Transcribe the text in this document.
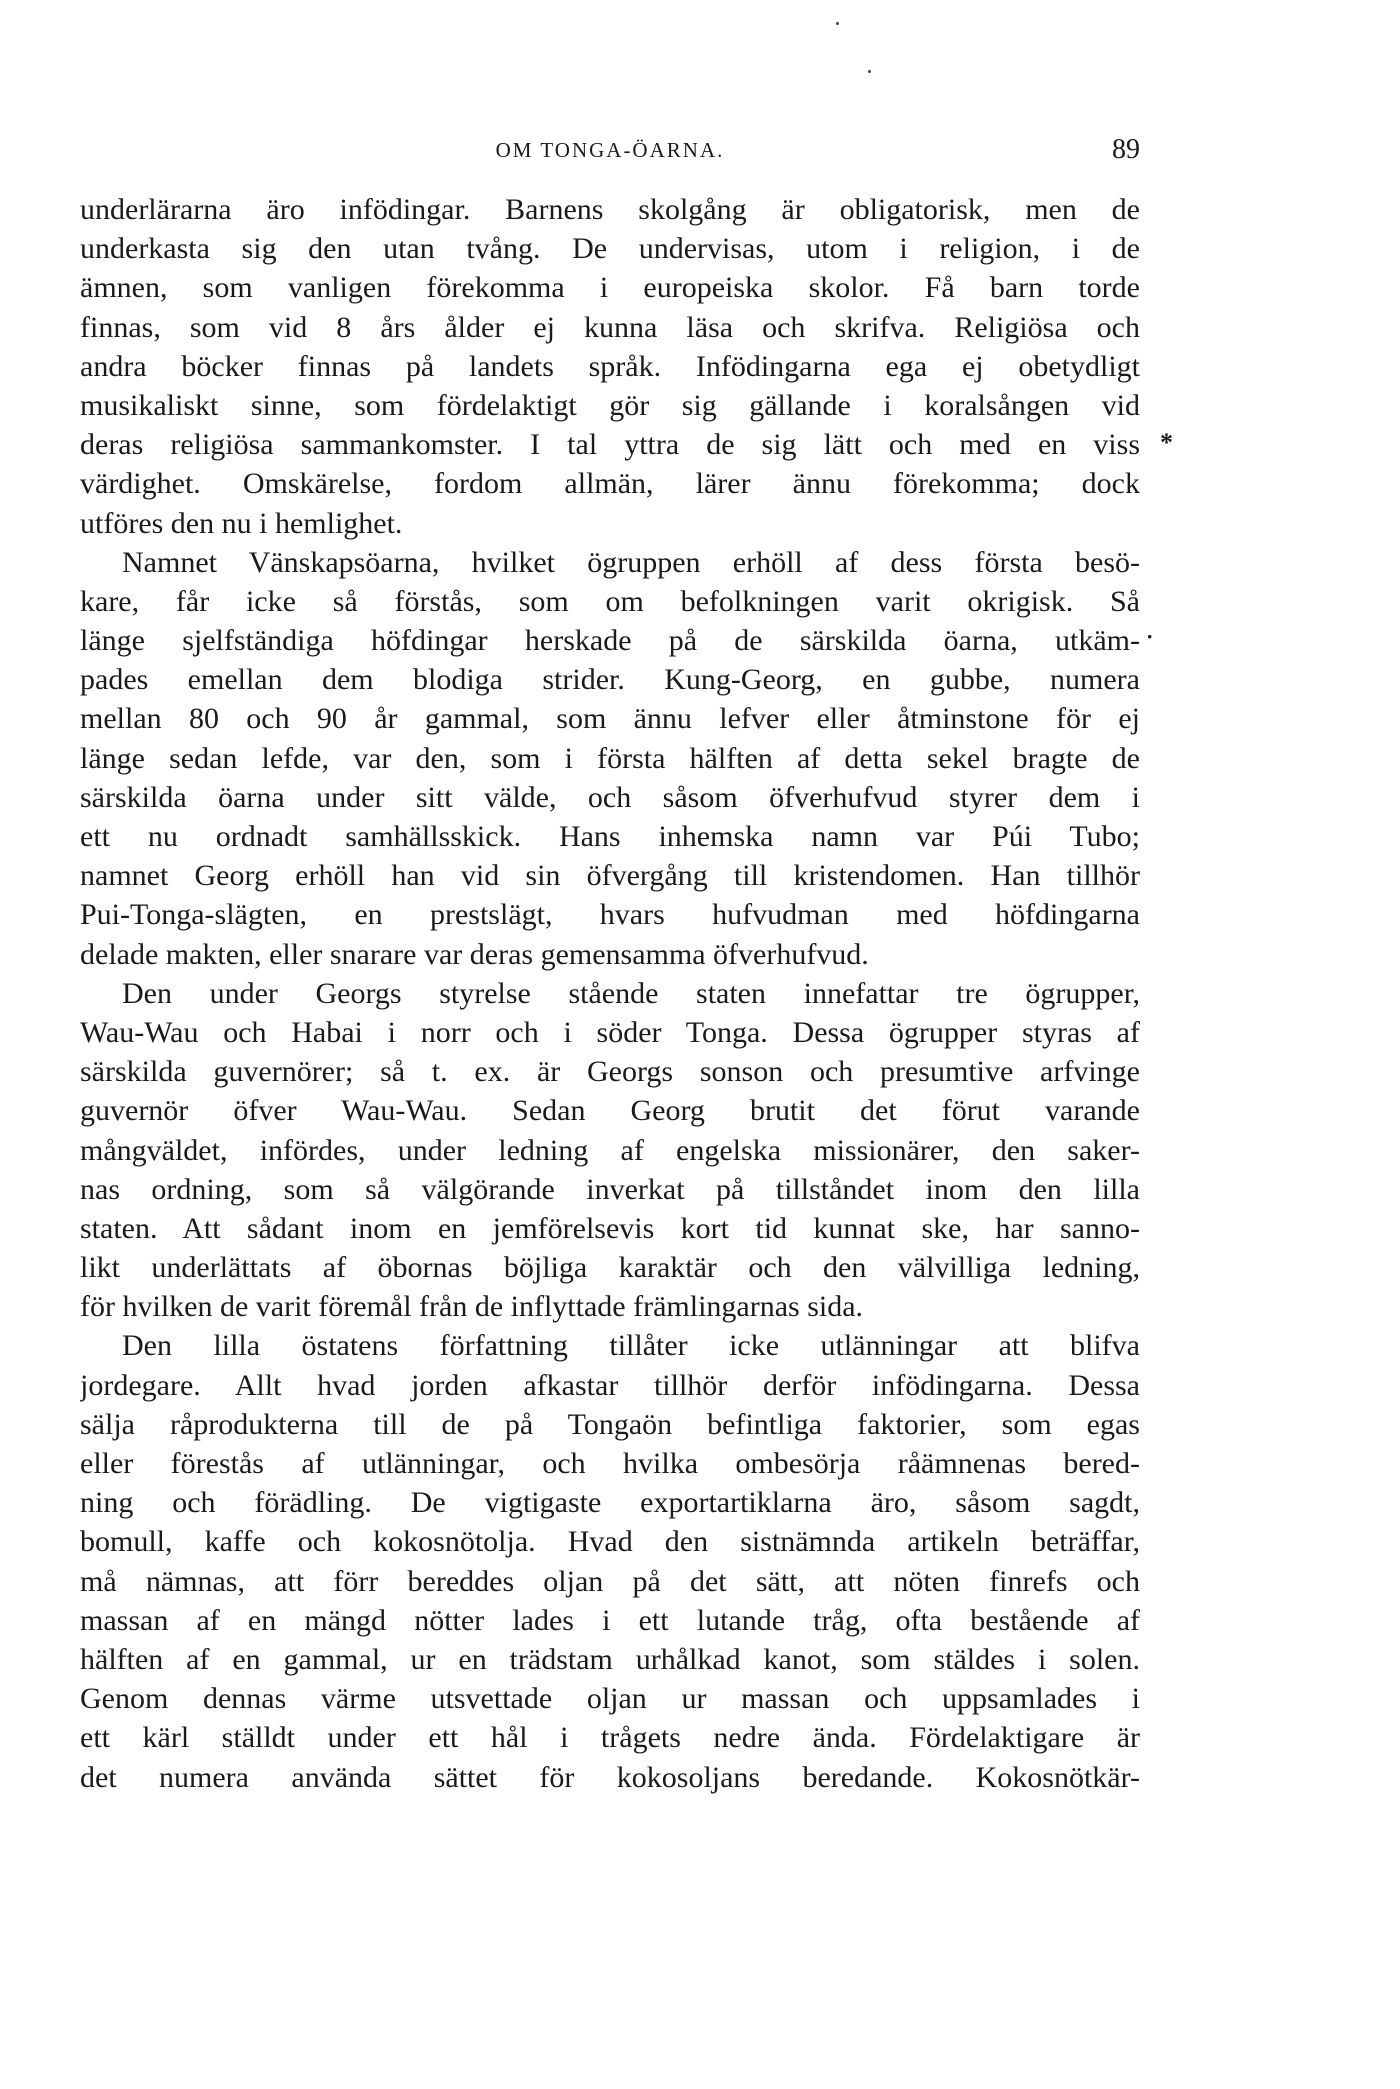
OM TONGA-ÖARNA.	89
*
·
underlärarna äro infödingar. Barnens skolgång är obligatorisk, men de
underkasta sig den utan tvång. De undervisas, utom i religion, i de
ämnen, som vanligen förekomma i europeiska skolor. Få barn torde
finnas, som vid 8 års ålder ej kunna läsa och skrifva. Religiösa och
andra böcker finnas på landets språk. Infödingarna ega ej obetydligt
musikaliskt sinne, som fördelaktigt gör sig gällande i koralsången vid
deras religiösa sammankomster. I tal yttra de sig lätt och med en viss
värdighet. Omskärelse, fordom allmän, lärer ännu förekomma; dock
utföres den nu i hemlighet.
Namnet Vänskapsöarna, hvilket ögruppen erhöll af dess första besö-
kare, får icke så förstås, som om befolkningen varit okrigisk. Så
länge sjelfständiga höfdingar herskade på de särskilda öarna, utkäm-
pades emellan dem blodiga strider. Kung-Georg, en gubbe, numera
mellan 80 och 90 år gammal, som ännu lefver eller åtminstone för ej
länge sedan lefde, var den, som i första hälften af detta sekel bragte de
särskilda öarna under sitt välde, och såsom öfverhufvud styrer dem i
ett nu ordnadt samhällsskick. Hans inhemska namn var Púi Tubo;
namnet Georg erhöll han vid sin öfvergång till kristendomen. Han tillhör
Pui-Tonga-slägten, en prestslägt, hvars hufvudman med höfdingarna
delade makten, eller snarare var deras gemensamma öfverhufvud.
Den under Georgs styrelse stående staten innefattar tre ögrupper,
Wau-Wau och Habai i norr och i söder Tonga. Dessa ögrupper styras af
särskilda guvernörer; så t. ex. är Georgs sonson och presumtive arfvinge
guvernör öfver Wau-Wau. Sedan Georg brutit det förut varande
mångväldet, infördes, under ledning af engelska missionärer, den saker-
nas ordning, som så välgörande inverkat på tillståndet inom den lilla
staten. Att sådant inom en jemförelsevis kort tid kunnat ske, har sanno-
likt underlättats af öbornas böjliga karaktär och den välvilliga ledning,
för hvilken de varit föremål från de inflyttade främlingarnas sida.
Den lilla östatens författning tillåter icke utlänningar att blifva
jordegare. Allt hvad jorden afkastar tillhör derför infödingarna. Dessa
sälja råprodukterna till de på Tongaön befintliga faktorier, som egas
eller förestås af utlänningar, och hvilka ombesörja råämnenas bered-
ning och förädling. De vigtigaste exportartiklarna äro, såsom sagdt,
bomull, kaffe och kokosnötolja. Hvad den sistnämnda artikeln beträffar,
må nämnas, att förr bereddes oljan på det sätt, att nöten finrefs och
massan af en mängd nötter lades i ett lutande tråg, ofta bestående af
hälften af en gammal, ur en trädstam urhålkad kanot, som stäldes i solen.
Genom dennas värme utsvettade oljan ur massan och uppsamlades i
ett kärl ställdt under ett hål i trågets nedre ända. Fördelaktigare är
det numera använda sättet för kokosoljans beredande. Kokosnötkär-
